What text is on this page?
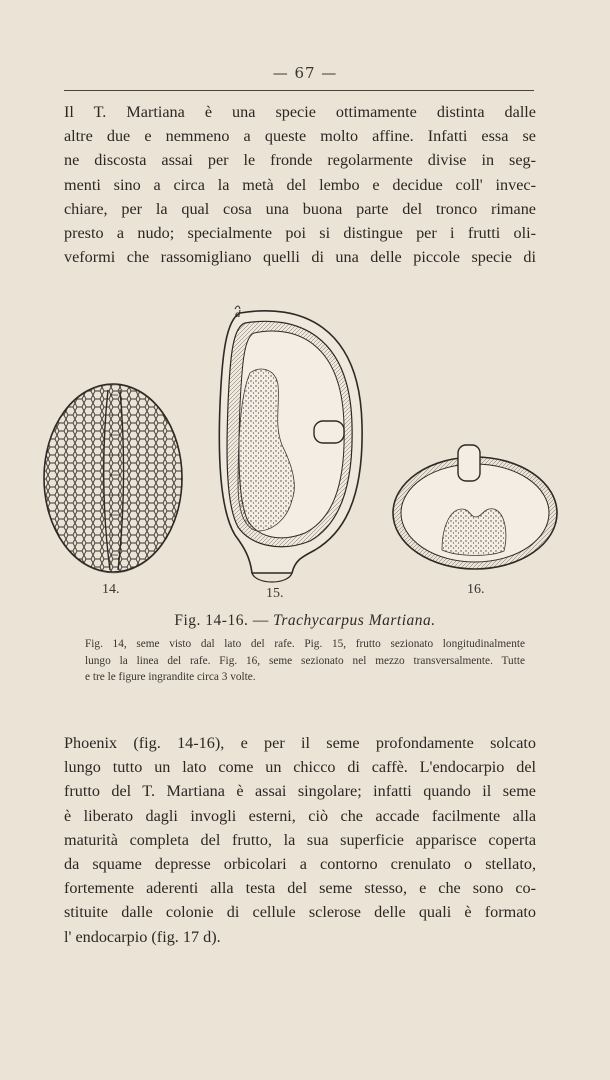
— 67 —
Il T. Martiana è una specie ottimamente distinta dalle
altre due e nemmeno a queste molto affine. Infatti essa se
ne discosta assai per le fronde regolarmente divise in seg-
menti sino a circa la metà del lembo e decidue coll' invec-
chiare, per la qual cosa una buona parte del tronco rimane
presto a nudo; specialmente poi si distingue per i frutti oli-
veformi che rassomigliano quelli di una delle piccole specie di
d
14.	15.	16.
Fig. 14-16. — Trachycarpus Martiana.
Fig. 14, seme visto dal lato del rafe. Pig. 15, frutto sezionato longitudinalmente
lungo la linea del rafe. Fig. 16, seme sezionato nel mezzo transversalmente. Tutte
e tre le figure ingrandite circa 3 volte.
Phoenix (fig. 14-16), e per il seme profondamente solcato
lungo tutto un lato come un chicco di caffè. L'endocarpio del
frutto del T. Martiana è assai singolare; infatti quando il seme
è liberato dagli invogli esterni, ciò che accade facilmente alla
maturità completa del frutto, la sua superficie apparisce coperta
da squame depresse orbicolari a contorno crenulato o stellato,
fortemente aderenti alla testa del seme stesso, e che sono co-
stituite dalle colonie di cellule sclerose delle quali è formato
l' endocarpio (fig. 17 d).
